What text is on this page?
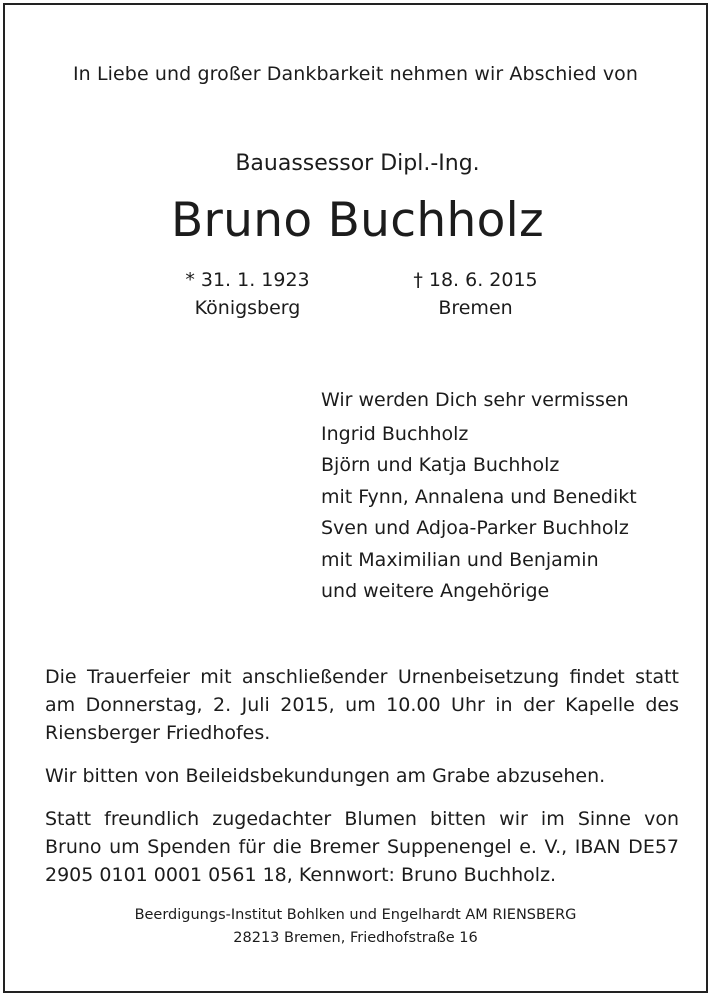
In Liebe und großer Dankbarkeit nehmen wir Abschied von
Bauassessor Dipl.-Ing.
Bruno Buchholz
* 31. 1. 1923
Königsberg
† 18. 6. 2015
Bremen
Wir werden Dich sehr vermissen
Ingrid Buchholz
Björn und Katja Buchholz
mit Fynn, Annalena und Benedikt
Sven und Adjoa-Parker Buchholz
mit Maximilian und Benjamin
und weitere Angehörige
Die Trauerfeier mit anschließender Urnenbeisetzung findet statt
am Donnerstag, 2. Juli 2015, um 10.00 Uhr in der Kapelle des
Riensberger Friedhofes.
Wir bitten von Beileidsbekundungen am Grabe abzusehen.
Statt freundlich zugedachter Blumen bitten wir im Sinne von
Bruno um Spenden für die Bremer Suppenengel e. V., IBAN DE57
2905 0101 0001 0561 18, Kennwort: Bruno Buchholz.
Beerdigungs-Institut Bohlken und Engelhardt AM RIENSBERG
28213 Bremen, Friedhofstraße 16
